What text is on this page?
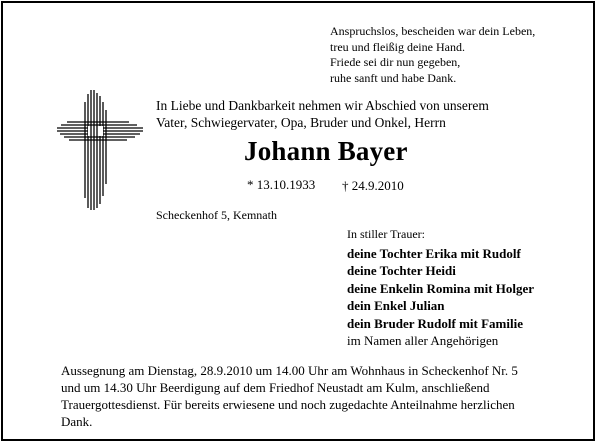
Anspruchslos, bescheiden war dein Leben,
treu und fleißig deine Hand.
Friede sei dir nun gegeben,
ruhe sanft und habe Dank.
In Liebe und Dankbarkeit nehmen wir Abschied von unserem
Vater, Schwiegervater, Opa, Bruder und Onkel, Herrn
Johann Bayer
* 13.10.1933 † 24.9.2010
Scheckenhof 5, Kemnath
In stiller Trauer:
deine Tochter Erika mit Rudolf
deine Tochter Heidi
deine Enkelin Romina mit Holger
dein Enkel Julian
dein Bruder Rudolf mit Familie
im Namen aller Angehörigen
Aussegnung am Dienstag, 28.9.2010 um 14.00 Uhr am Wohnhaus in Scheckenhof Nr. 5
und um 14.30 Uhr Beerdigung auf dem Friedhof Neustadt am Kulm, anschließend
Trauergottesdienst. Für bereits erwiesene und noch zugedachte Anteilnahme herzlichen
Dank.
